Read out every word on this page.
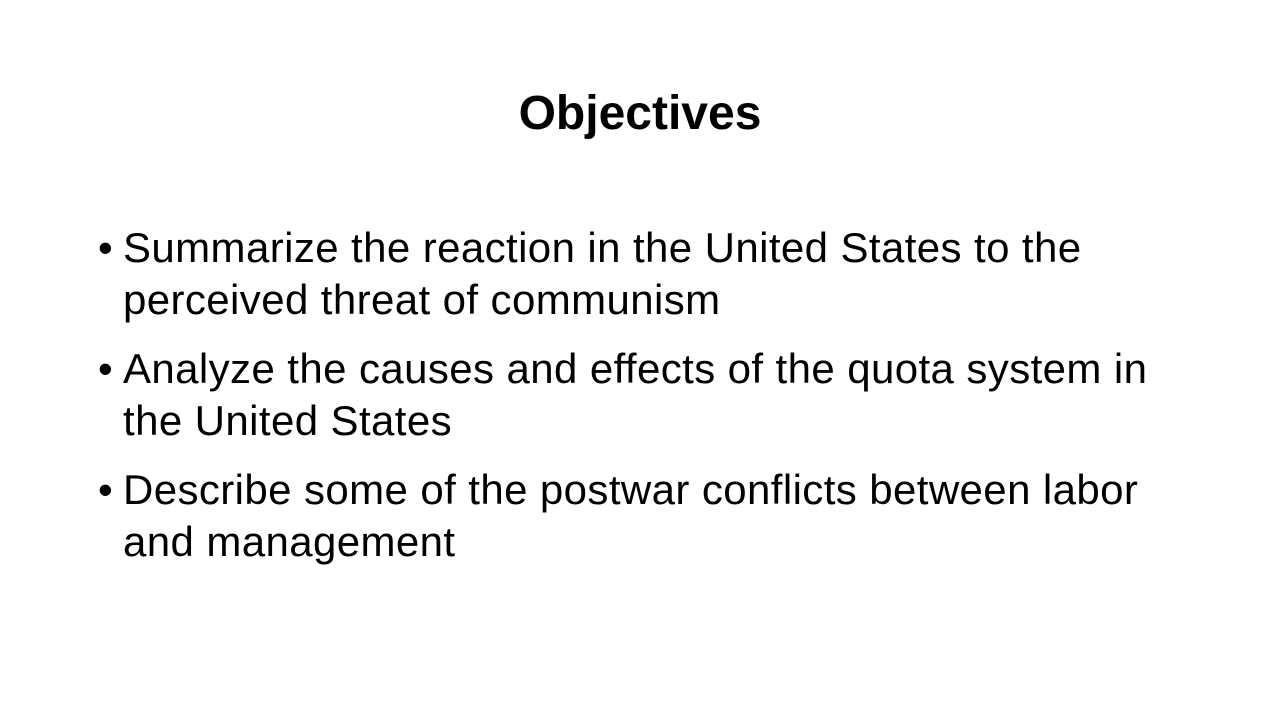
Objectives
• Summarize the reaction in the United States to the perceived threat of communism
• Analyze the causes and effects of the quota system in the United States
• Describe some of the postwar conflicts between labor and management
